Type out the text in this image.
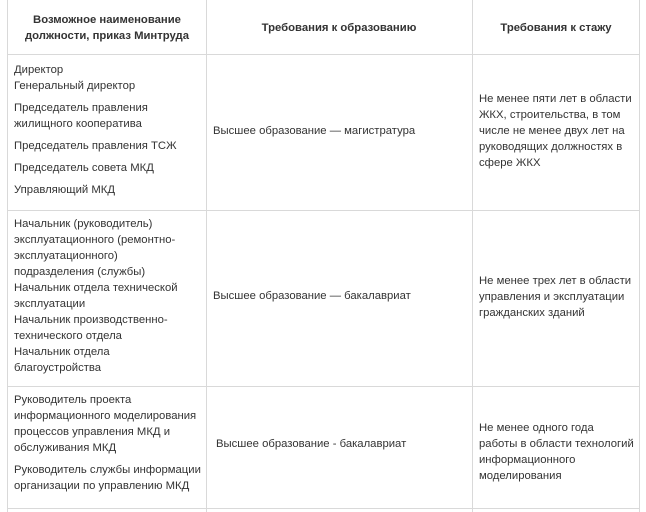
Возможное наименование должности, приказ Минтруда
Требования к образованию	Требования к стажу

Директор

Генеральный директор

Председатель правления жилищного кооператива

Председатель правления ТСЖ

Председатель совета МКД

Управляющий МКД

Высшее образование — магистратура
Не менее пяти лет в области ЖКХ, строительства, в том числе не менее двух лет на руководящих должностях в сфере ЖКХ

Начальник (руководитель) эксплуатационного (ремонтно-эксплуатационного) подразделения (службы)

Начальник отдела технической эксплуатации

Начальник производственно-технического отдела

Начальник отдела благоустройства

Высшее образование — бакалавриат
Не менее трех лет в области управления и эксплуатации гражданских зданий

Руководитель проекта информационного моделирования процессов управления МКД и обслуживания МКД

Руководитель службы информации организации по управлению МКД

Высшее образование - бакалавриат
Не менее одного года работы в области технологий информационного моделирования
